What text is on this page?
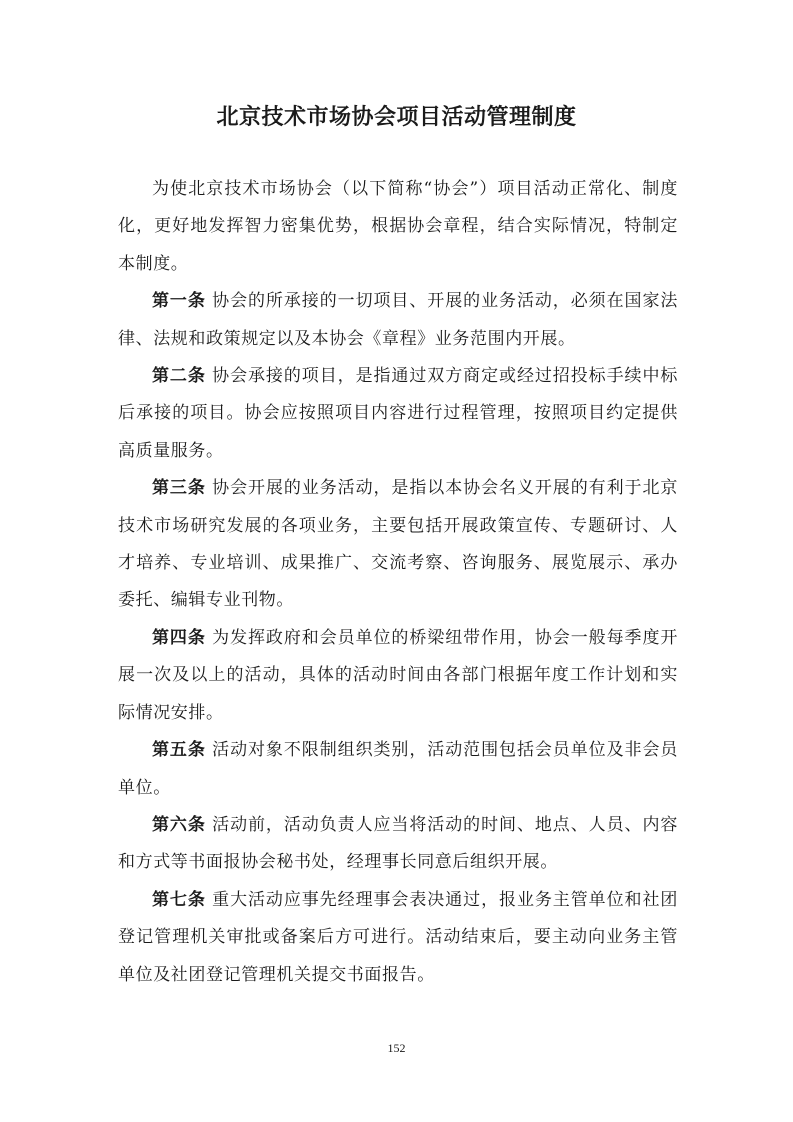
北京技术市场协会项目活动管理制度

为使北京技术市场协会（以下简称“协会”）项目活动正常化、制度化，更好地发挥智力密集优势，根据协会章程，结合实际情况，特制定本制度。

第一条 协会的所承接的一切项目、开展的业务活动，必须在国家法律、法规和政策规定以及本协会《章程》业务范围内开展。

第二条 协会承接的项目，是指通过双方商定或经过招投标手续中标后承接的项目。协会应按照项目内容进行过程管理，按照项目约定提供高质量服务。

第三条 协会开展的业务活动，是指以本协会名义开展的有利于北京技术市场研究发展的各项业务，主要包括开展政策宣传、专题研讨、人才培养、专业培训、成果推广、交流考察、咨询服务、展览展示、承办委托、编辑专业刊物。

第四条 为发挥政府和会员单位的桥梁纽带作用，协会一般每季度开展一次及以上的活动，具体的活动时间由各部门根据年度工作计划和实际情况安排。

第五条 活动对象不限制组织类别，活动范围包括会员单位及非会员单位。

第六条 活动前，活动负责人应当将活动的时间、地点、人员、内容和方式等书面报协会秘书处，经理事长同意后组织开展。

第七条 重大活动应事先经理事会表决通过，报业务主管单位和社团登记管理机关审批或备案后方可进行。活动结束后，要主动向业务主管单位及社团登记管理机关提交书面报告。

152
